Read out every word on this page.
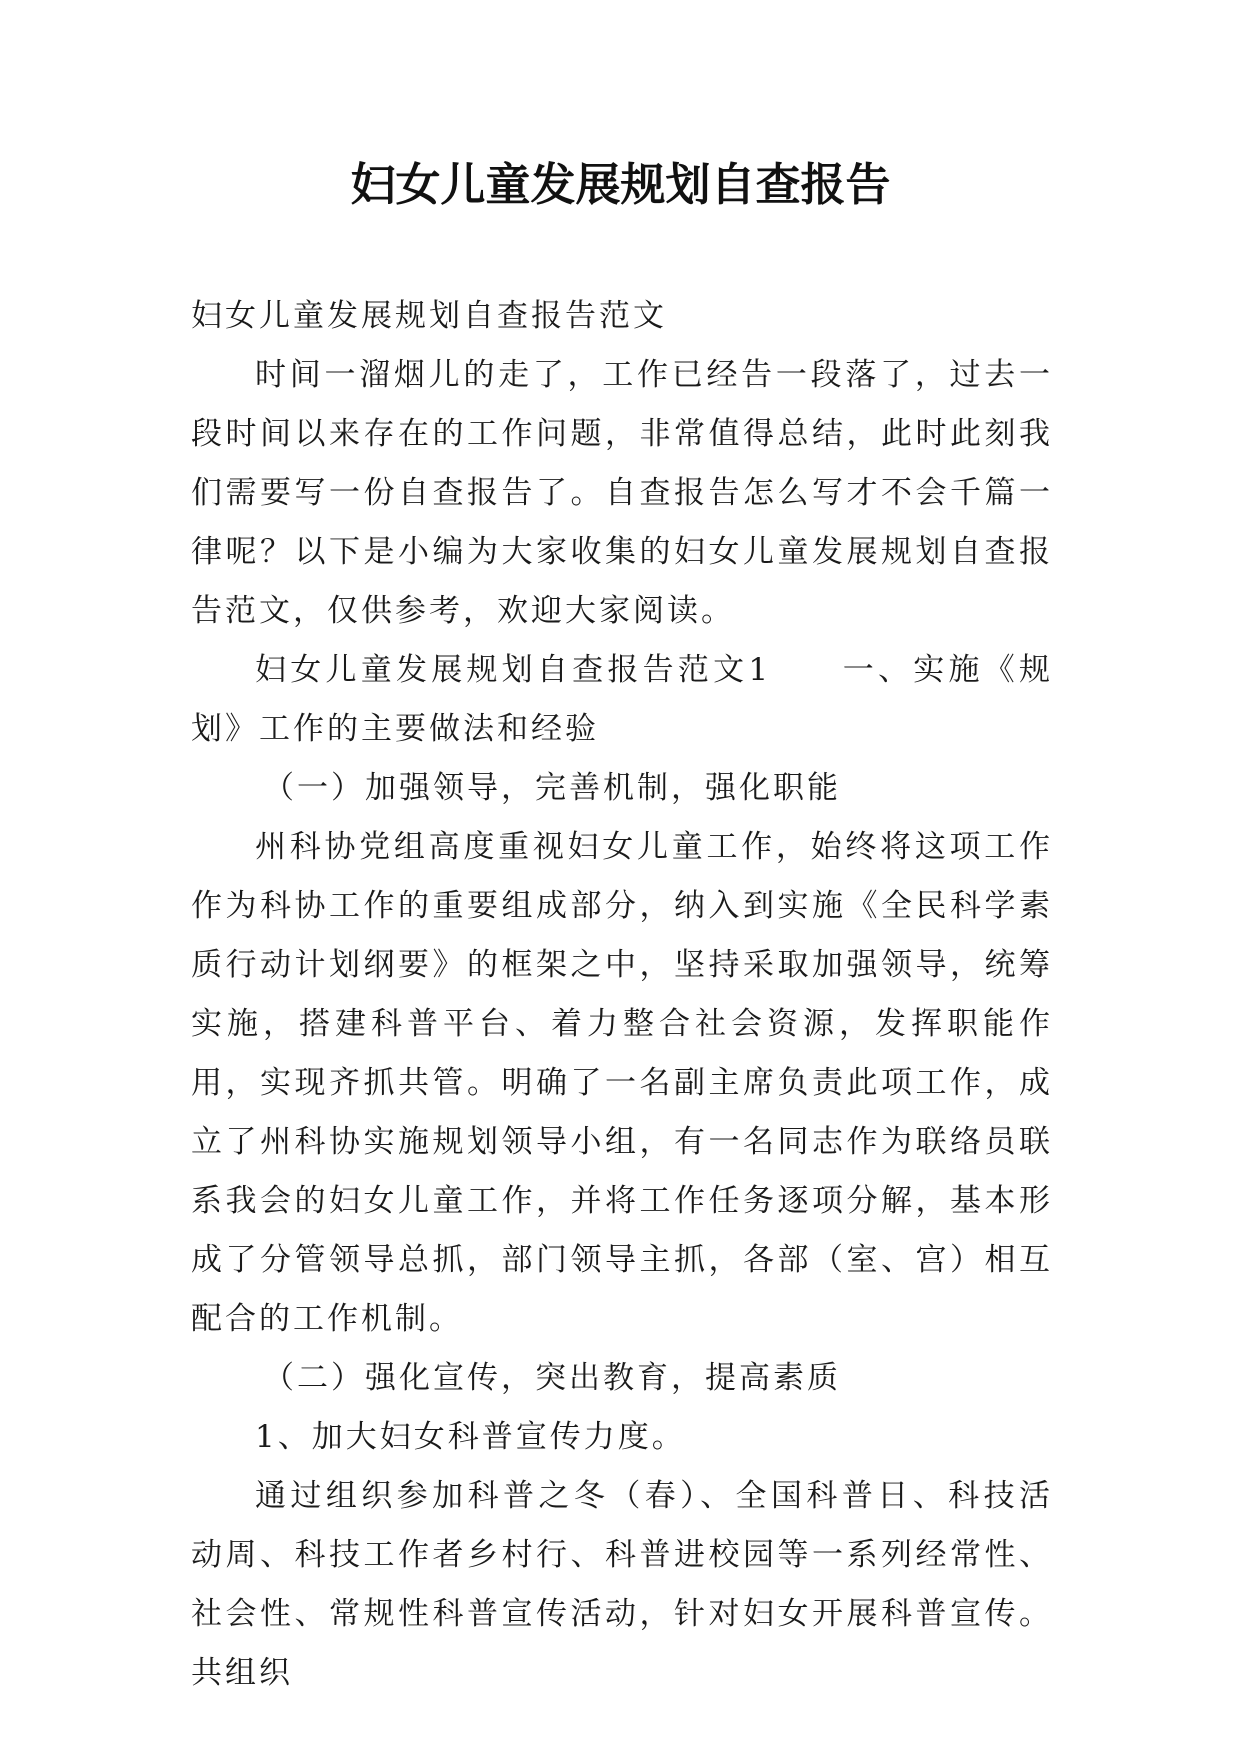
妇女儿童发展规划自查报告

妇女儿童发展规划自查报告范文

时间一溜烟儿的走了，工作已经告一段落了，过去一段时间以来存在的工作问题，非常值得总结，此时此刻我们需要写一份自查报告了。自查报告怎么写才不会千篇一律呢？以下是小编为大家收集的妇女儿童发展规划自查报告范文，仅供参考，欢迎大家阅读。

妇女儿童发展规划自查报告范文1　　一、实施《规划》工作的主要做法和经验

（一）加强领导，完善机制，强化职能

州科协党组高度重视妇女儿童工作，始终将这项工作作为科协工作的重要组成部分，纳入到实施《全民科学素质行动计划纲要》的框架之中，坚持采取加强领导，统筹实施，搭建科普平台、着力整合社会资源，发挥职能作用，实现齐抓共管。明确了一名副主席负责此项工作，成立了州科协实施规划领导小组，有一名同志作为联络员联系我会的妇女儿童工作，并将工作任务逐项分解，基本形成了分管领导总抓，部门领导主抓，各部（室、宫）相互配合的工作机制。

（二）强化宣传，突出教育，提高素质

1、加大妇女科普宣传力度。

通过组织参加科普之冬（春）、全国科普日、科技活动周、科技工作者乡村行、科普进校园等一系列经常性、社会性、常规性科普宣传活动，针对妇女开展科普宣传。共组织
